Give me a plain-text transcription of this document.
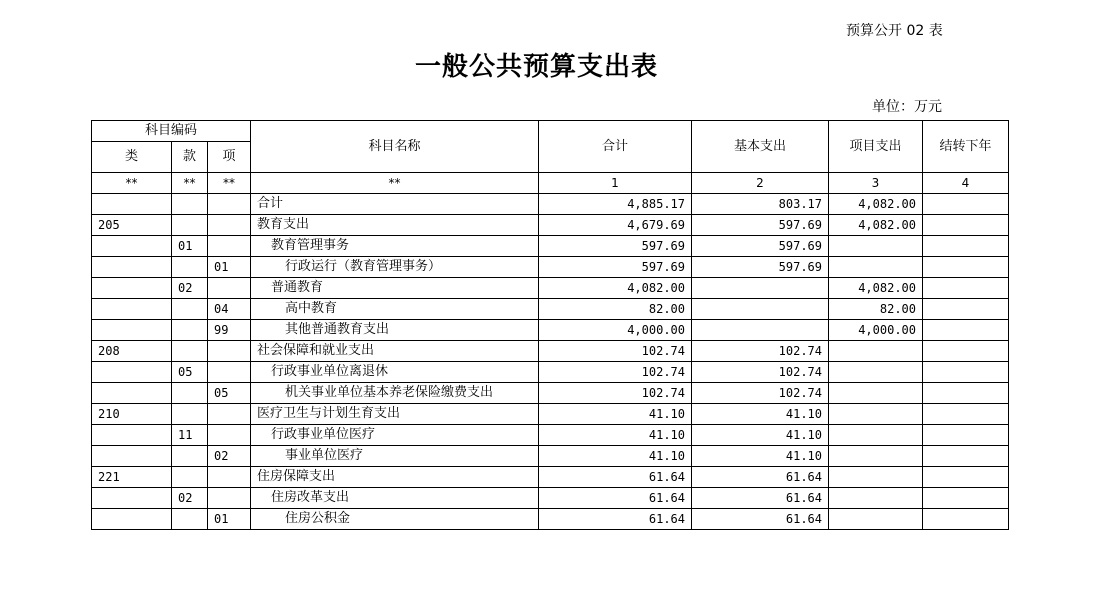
预算公开 02 表
一般公共预算支出表
单位：万元
科目编码			科目名称	合计	基本支出	项目支出	结转下年
类	款	项					
**	**	**	**	1	2	3	4
			合计	4,885.17	803.17	4,082.00	
205			教育支出	4,679.69	597.69	4,082.00	
	01		教育管理事务	597.69	597.69		
		01	行政运行（教育管理事务）	597.69	597.69		
	02		普通教育	4,082.00		4,082.00	
		04	高中教育	82.00		82.00	
		99	其他普通教育支出	4,000.00		4,000.00	
208			社会保障和就业支出	102.74	102.74		
	05		行政事业单位离退休	102.74	102.74		
		05	机关事业单位基本养老保险缴费支出	102.74	102.74		
210			医疗卫生与计划生育支出	41.10	41.10		
	11		行政事业单位医疗	41.10	41.10		
		02	事业单位医疗	41.10	41.10		
221			住房保障支出	61.64	61.64		
	02		住房改革支出	61.64	61.64		
		01	住房公积金	61.64	61.64		
